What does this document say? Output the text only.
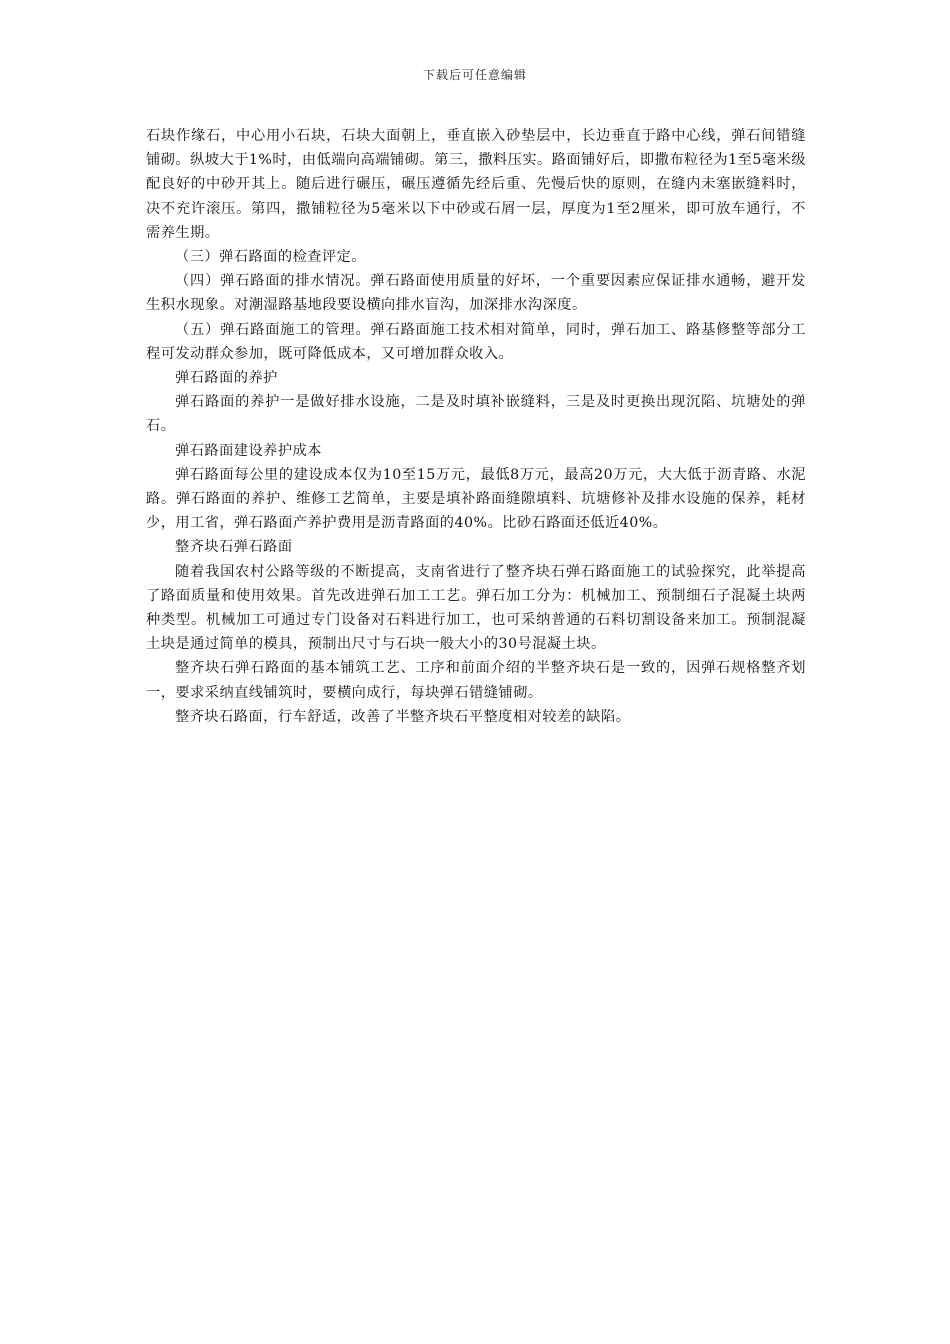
下载后可任意编辑

石块作缘石，中心用小石块，石块大面朝上，垂直嵌入砂垫层中，长边垂直于路中心线，弹石间错缝铺砌。纵坡大于1%时，由低端向高端铺砌。第三，撒料压实。路面铺好后，即撒布粒径为1至5毫米级配良好的中砂开其上。随后进行碾压，碾压遵循先经后重、先慢后快的原则，在缝内未塞嵌缝料时，决不充许滚压。第四，撒铺粒径为5毫米以下中砂或石屑一层，厚度为1至2厘米，即可放车通行，不需养生期。

（三）弹石路面的检查评定。

（四）弹石路面的排水情况。弹石路面使用质量的好坏，一个重要因素应保证排水通畅，避开发生积水现象。对潮湿路基地段要设横向排水盲沟，加深排水沟深度。

（五）弹石路面施工的管理。弹石路面施工技术相对简单，同时，弹石加工、路基修整等部分工程可发动群众参加，既可降低成本，又可增加群众收入。

弹石路面的养护

弹石路面的养护一是做好排水设施，二是及时填补嵌缝料，三是及时更换出现沉陷、坑塘处的弹石。

弹石路面建设养护成本

弹石路面每公里的建设成本仅为10至15万元，最低8万元，最高20万元，大大低于沥青路、水泥路。弹石路面的养护、维修工艺简单，主要是填补路面缝隙填料、坑塘修补及排水设施的保养，耗材少，用工省，弹石路面产养护费用是沥青路面的40%。比砂石路面还低近40%。

整齐块石弹石路面

随着我国农村公路等级的不断提高，支南省进行了整齐块石弹石路面施工的试验探究，此举提高了路面质量和使用效果。首先改进弹石加工工艺。弹石加工分为：机械加工、预制细石子混凝土块两种类型。机械加工可通过专门设备对石料进行加工，也可采纳普通的石料切割设备来加工。预制混凝土块是通过简单的模具，预制出尺寸与石块一般大小的30号混凝土块。

整齐块石弹石路面的基本铺筑工艺、工序和前面介绍的半整齐块石是一致的，因弹石规格整齐划一，要求采纳直线铺筑时，要横向成行，每块弹石错缝铺砌。

整齐块石路面，行车舒适，改善了半整齐块石平整度相对较差的缺陷。
